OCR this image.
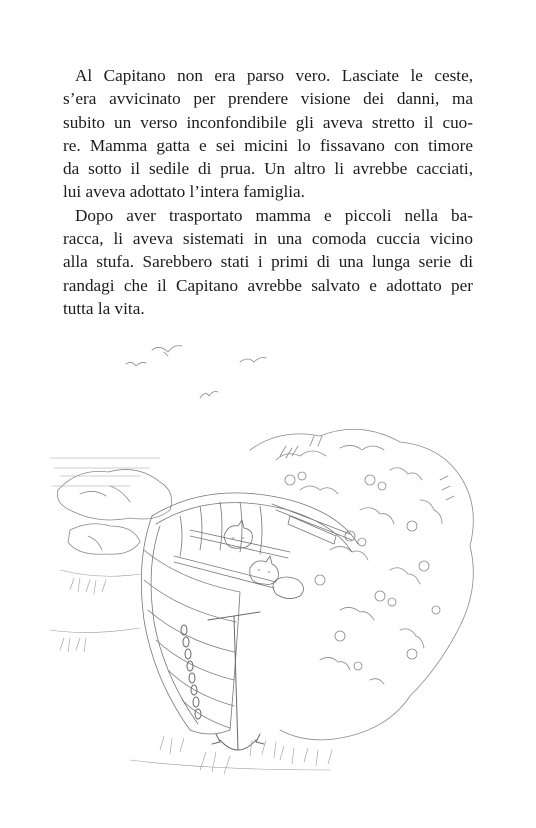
Al Capitano non era parso vero. Lasciate le ceste,

s’era avvicinato per prendere visione dei danni, ma

subito un verso inconfondibile gli aveva stretto il cuo-

re. Mamma gatta e sei micini lo fissavano con timore

da sotto il sedile di prua. Un altro li avrebbe cacciati,

lui aveva adottato l’intera famiglia.

Dopo aver trasportato mamma e piccoli nella ba-

racca, li aveva sistemati in una comoda cuccia vicino

alla stufa. Sarebbero stati i primi di una lunga serie di

randagi che il Capitano avrebbe salvato e adottato per

tutta la vita.
